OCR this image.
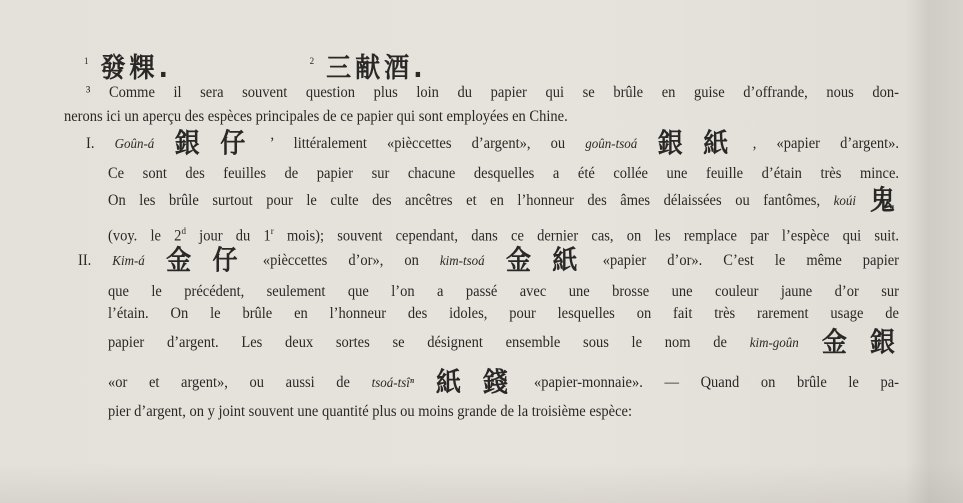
$^1$ 發粿.	$^2$ 三献酒.
³ Comme il sera souvent question plus loin du papier qui se brûle en guise d’offrande, nous don-
nerons ici un aperçu des espèces principales de ce papier qui sont employées en Chine.
I. Goûn-á 銀仔 ’ littéralement «pièccettes d’argent», ou goûn-tsoá 銀紙 , «papier d’argent».
Ce sont des feuilles de papier sur chacune desquelles a été collée une feuille d’étain très mince.
On les brûle surtout pour le culte des ancêtres et en l’honneur des âmes délaissées ou fantômes, koúi 鬼
(voy. le 2$^d$ jour du 1$^r$ mois); souvent cependant, dans ce dernier cas, on les remplace par l’espèce qui suit.
II. Kim-á 金仔 «pièccettes d’or», on kim-tsoá 金紙 «papier d’or». C’est le même papier
que le précédent, seulement que l’on a passé avec une brosse une couleur jaune d’or sur
l’étain. On le brûle en l’honneur des idoles, pour lesquelles on fait très rarement usage de
papier d’argent. Les deux sortes se désignent ensemble sous le nom de kim-goûn 金銀
«or et argent», ou aussi de tsoá-tsîⁿ 紙錢 «papier-monnaie». — Quand on brûle le pa-
pier d’argent, on y joint souvent une quantité plus ou moins grande de la troisième espèce:
